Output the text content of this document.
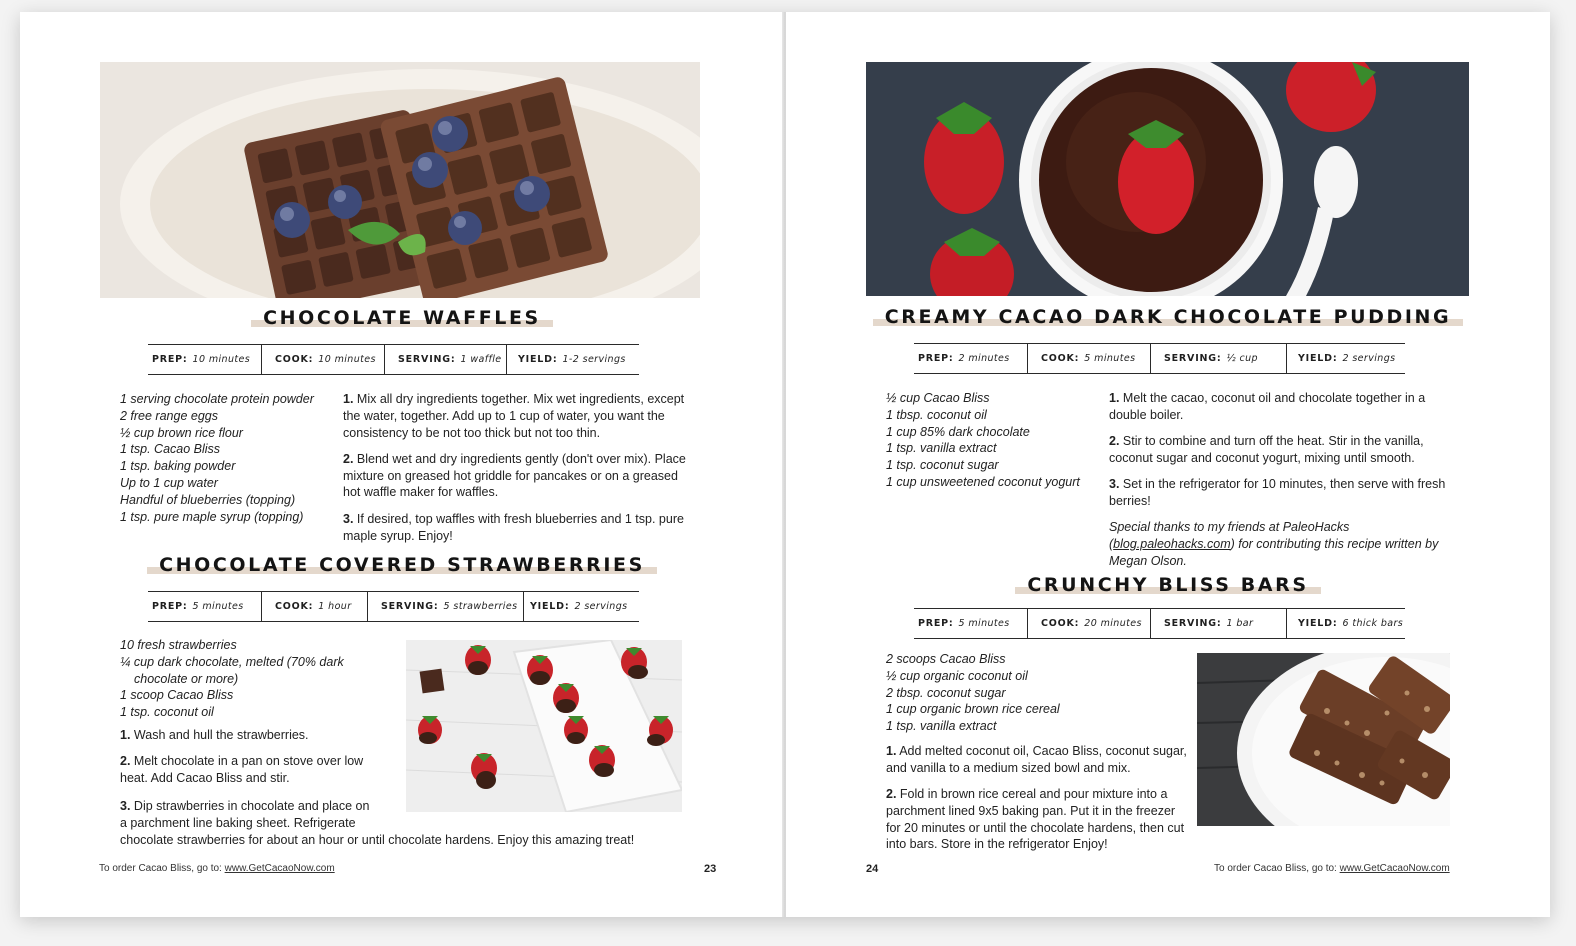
CHOCOLATE WAFFLES
PREP: 10 minutes	COOK: 10 minutes SERVING: 1 waffle YIELD: 1-2 servings
1 serving chocolate protein powder
2 free range eggs
½ cup brown rice flour
1 tsp. Cacao Bliss
1 tsp. baking powder
Up to 1 cup water
Handful of blueberries (topping)
1 tsp. pure maple syrup (topping)

1. Mix all dry ingredients together. Mix wet ingredients, except the water, together. Add up to 1 cup of water, you want the consistency to be not too thick but not too thin.

2. Blend wet and dry ingredients gently (don't over mix). Place mixture on greased hot griddle for pancakes or on a greased hot waffle maker for waffles.

3. If desired, top waffles with fresh blueberries and 1 tsp. pure maple syrup. Enjoy!

CHOCOLATE COVERED STRAWBERRIES
PREP: 5 minutes	COOK: 1 hour	SERVING: 5 strawberries YIELD: 2 servings
10 fresh strawberries
¼ cup dark chocolate, melted (70% dark
chocolate or more)
1 scoop Cacao Bliss
1 tsp. coconut oil

1. Wash and hull the strawberries.

2. Melt chocolate in a pan on stove over low heat. Add Cacao Bliss and stir.

3. Dip strawberries in chocolate and place on
a parchment line baking sheet. Refrigerate
chocolate strawberries for about an hour or until chocolate hardens. Enjoy this amazing treat!
To order Cacao Bliss, go to: www.GetCacaoNow.com	23
CREAMY CACAO DARK CHOCOLATE PUDDING
PREP: 2 minutes	COOK: 5 minutes	SERVING: ½ cup	YIELD: 2 servings
½ cup Cacao Bliss
1 tbsp. coconut oil
1 cup 85% dark chocolate
1 tsp. vanilla extract
1 tsp. coconut sugar
1 cup unsweetened coconut yogurt

1. Melt the cacao, coconut oil and chocolate together in a double boiler.

2. Stir to combine and turn off the heat. Stir in the vanilla, coconut sugar and coconut yogurt, mixing until smooth.

3. Set in the refrigerator for 10 minutes, then serve with fresh berries!

Special thanks to my friends at PaleoHacks (blog.paleohacks.com) for contributing this recipe written by Megan Olson.

CRUNCHY BLISS BARS
PREP: 5 minutes	COOK: 20 minutes SERVING: 1 bar	YIELD: 6 thick bars
2 scoops Cacao Bliss
½ cup organic coconut oil
2 tbsp. coconut sugar
1 cup organic brown rice cereal
1 tsp. vanilla extract

1. Add melted coconut oil, Cacao Bliss, coconut sugar, and vanilla to a medium sized bowl and mix.

2. Fold in brown rice cereal and pour mixture into a parchment lined 9x5 baking pan. Put it in the freezer for 20 minutes or until the chocolate hardens, then cut into bars. Store in the refrigerator Enjoy!

24	To order Cacao Bliss, go to: www.GetCacaoNow.com
